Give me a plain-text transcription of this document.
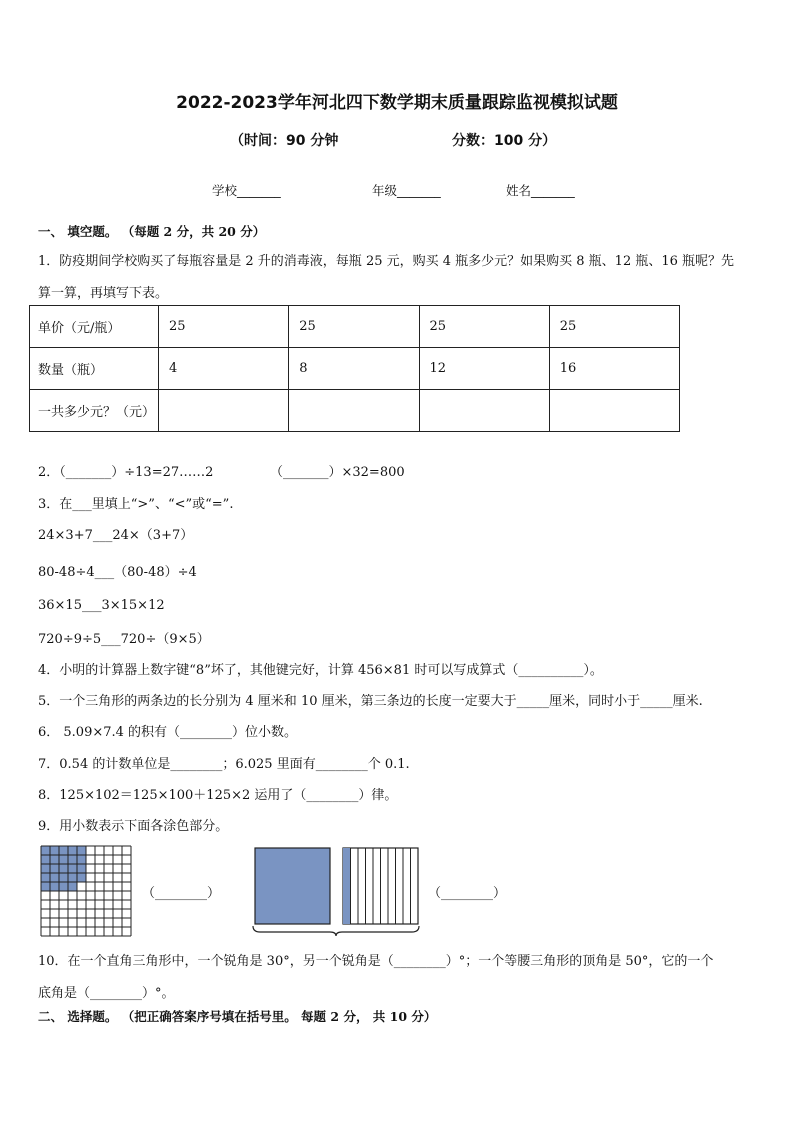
2022-2023学年河北四下数学期末质量跟踪监视模拟试题
（时间：90 分钟	分数：100 分）
学校_______	年级_______	姓名_______
一、 填空题。 （每题 2 分，共 20 分）
1．防疫期间学校购买了每瓶容量是 2 升的消毒液，每瓶 25 元，购买 4 瓶多少元？如果购买 8 瓶、12 瓶、16 瓶呢？先
算一算，再填写下表。
单价（元/瓶）	25	25	25	25
数量（瓶）	4	8	12	16
一共多少元？（元）				
2．（_______）÷13=27……2	（_______）×32=800
3．在___里填上“>”、“<”或“=”.
24×3+7___24×（3+7）
80-48÷4___（80-48）÷4
36×15___3×15×12
720÷9÷5___720÷（9×5）
4．小明的计算器上数字键“8”坏了，其他键完好，计算 456×81 时可以写成算式（__________）。
5．一个三角形的两条边的长分别为 4 厘米和 10 厘米，第三条边的长度一定要大于_____厘米，同时小于_____厘米.
6． 5.09×7.4 的积有（________）位小数。
7．0.54 的计数单位是________；6.025 里面有________个 0.1.
8．125×102＝125×100＋125×2 运用了（________）律。
9．用小数表示下面各涂色部分。
（________）	（________）
10．在一个直角三角形中，一个锐角是 30°，另一个锐角是（________）°；一个等腰三角形的顶角是 50°，它的一个
底角是（________）°。
二、 选择题。 （把正确答案序号填在括号里。 每题 2 分， 共 10 分）
